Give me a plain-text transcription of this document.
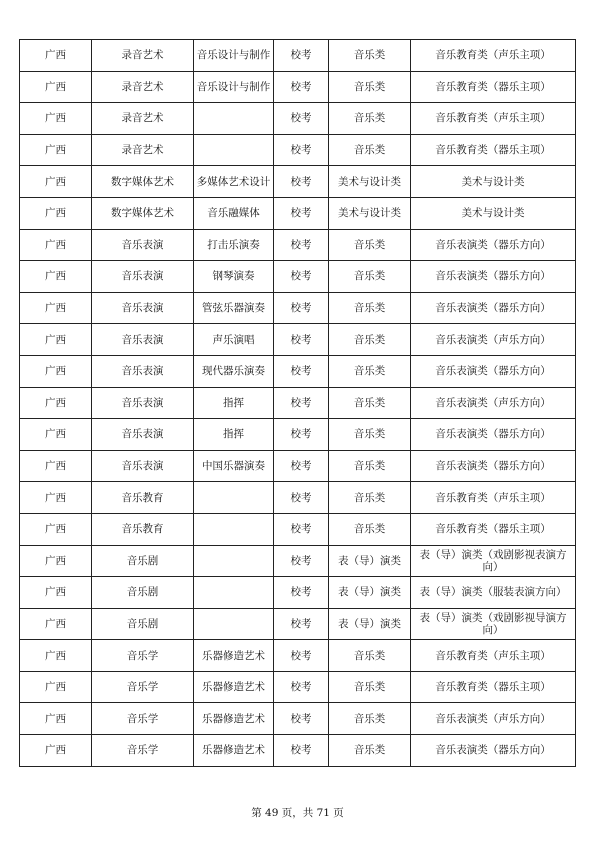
广西	录音艺术	音乐设计与制作	校考	音乐类	音乐教育类（声乐主项）
广西	录音艺术	音乐设计与制作	校考	音乐类	音乐教育类（器乐主项）
广西	录音艺术		校考	音乐类	音乐教育类（声乐主项）
广西	录音艺术		校考	音乐类	音乐教育类（器乐主项）
广西	数字媒体艺术	多媒体艺术设计	校考	美术与设计类	美术与设计类
广西	数字媒体艺术	音乐融媒体	校考	美术与设计类	美术与设计类
广西	音乐表演	打击乐演奏	校考	音乐类	音乐表演类（器乐方向）
广西	音乐表演	钢琴演奏	校考	音乐类	音乐表演类（器乐方向）
广西	音乐表演	管弦乐器演奏	校考	音乐类	音乐表演类（器乐方向）
广西	音乐表演	声乐演唱	校考	音乐类	音乐表演类（声乐方向）
广西	音乐表演	现代器乐演奏	校考	音乐类	音乐表演类（器乐方向）
广西	音乐表演	指挥	校考	音乐类	音乐表演类（声乐方向）
广西	音乐表演	指挥	校考	音乐类	音乐表演类（器乐方向）
广西	音乐表演	中国乐器演奏	校考	音乐类	音乐表演类（器乐方向）
广西	音乐教育		校考	音乐类	音乐教育类（声乐主项）
广西	音乐教育		校考	音乐类	音乐教育类（器乐主项）
广西	音乐剧		校考	表（导）演类	表（导）演类（戏剧影视表演方向）
广西	音乐剧		校考	表（导）演类	表（导）演类（服装表演方向）
广西	音乐剧		校考	表（导）演类	表（导）演类（戏剧影视导演方向）
广西	音乐学	乐器修造艺术	校考	音乐类	音乐教育类（声乐主项）
广西	音乐学	乐器修造艺术	校考	音乐类	音乐教育类（器乐主项）
广西	音乐学	乐器修造艺术	校考	音乐类	音乐表演类（声乐方向）
广西	音乐学	乐器修造艺术	校考	音乐类	音乐表演类（器乐方向）
第 49 页，共 71 页
